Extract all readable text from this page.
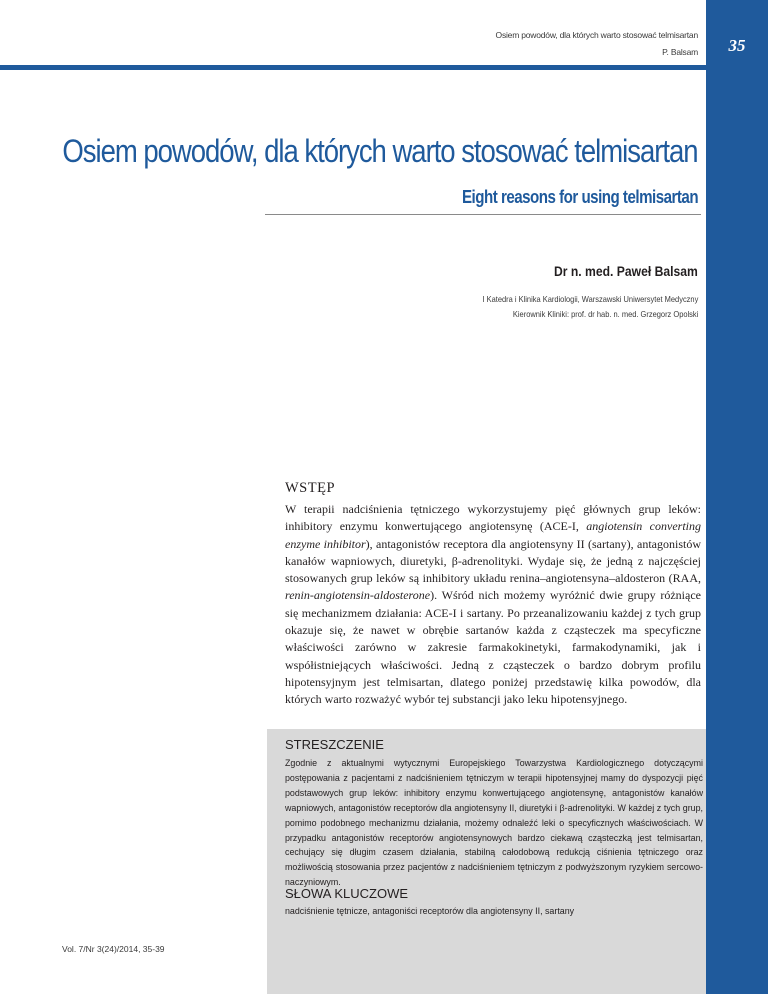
35
Osiem powodów, dla których warto stosować telmisartan
P. Balsam
Osiem powodów, dla których warto stosować telmisartan
Eight reasons for using telmisartan
Dr n. med. Paweł Balsam
I Katedra i Klinika Kardiologii, Warszawski Uniwersytet Medyczny
Kierownik Kliniki: prof. dr hab. n. med. Grzegorz Opolski
WSTĘP

W terapii nadciśnienia tętniczego wykorzystujemy pięć głównych grup leków: inhibitory enzymu konwertującego angiotensynę (ACE-I, angiotensin converting enzyme inhibitor), antagonistów receptora dla angiotensyny II (sartany), antagonistów kanałów wapniowych, diuretyki, β-adrenolityki. Wydaje się, że jedną z najczęściej stosowanych grup leków są inhibitory układu renina–angiotensyna–aldosteron (RAA, renin-angiotensin-aldosterone). Wśród nich możemy wyróżnić dwie grupy różniące się mechanizmem działania: ACE-I i sartany. Po przeanalizowaniu każdej z tych grup okazuje się, że nawet w obrębie sartanów każda z cząsteczek ma specyficzne właściwości zarówno w zakresie farmakokinetyki, farmakodynamiki, jak i współistniejących właściwości. Jedną z cząsteczek o bardzo dobrym profilu hipotensyjnym jest telmisartan, dlatego poniżej przedstawię kilka powodów, dla których warto rozważyć wybór tej substancji jako leku hipotensyjnego.

STRESZCZENIE

Zgodnie z aktualnymi wytycznymi Europejskiego Towarzystwa Kardiologicznego dotyczącymi postępowania z pacjentami z nadciśnieniem tętniczym w terapii hipotensyjnej mamy do dyspozycji pięć podstawowych grup leków: inhibitory enzymu konwertującego angiotensynę, antagonistów kanałów wapniowych, antagonistów receptorów dla angiotensyny II, diuretyki i β-adrenolityki. W każdej z tych grup, pomimo podobnego mechanizmu działania, możemy odnaleźć leki o specyficznych właściwościach. W przypadku antagonistów receptorów angiotensynowych bardzo ciekawą cząsteczką jest telmisartan, cechujący się długim czasem działania, stabilną całodobową redukcją ciśnienia tętniczego oraz możliwością stosowania przez pacjentów z nadciśnieniem tętniczym z podwyższonym ryzykiem sercowo-naczyniowym.

SŁOWA KLUCZOWE
nadciśnienie tętnicze, antagoniści receptorów dla angiotensyny II, sartany
Vol. 7/Nr 3(24)/2014, 35-39
